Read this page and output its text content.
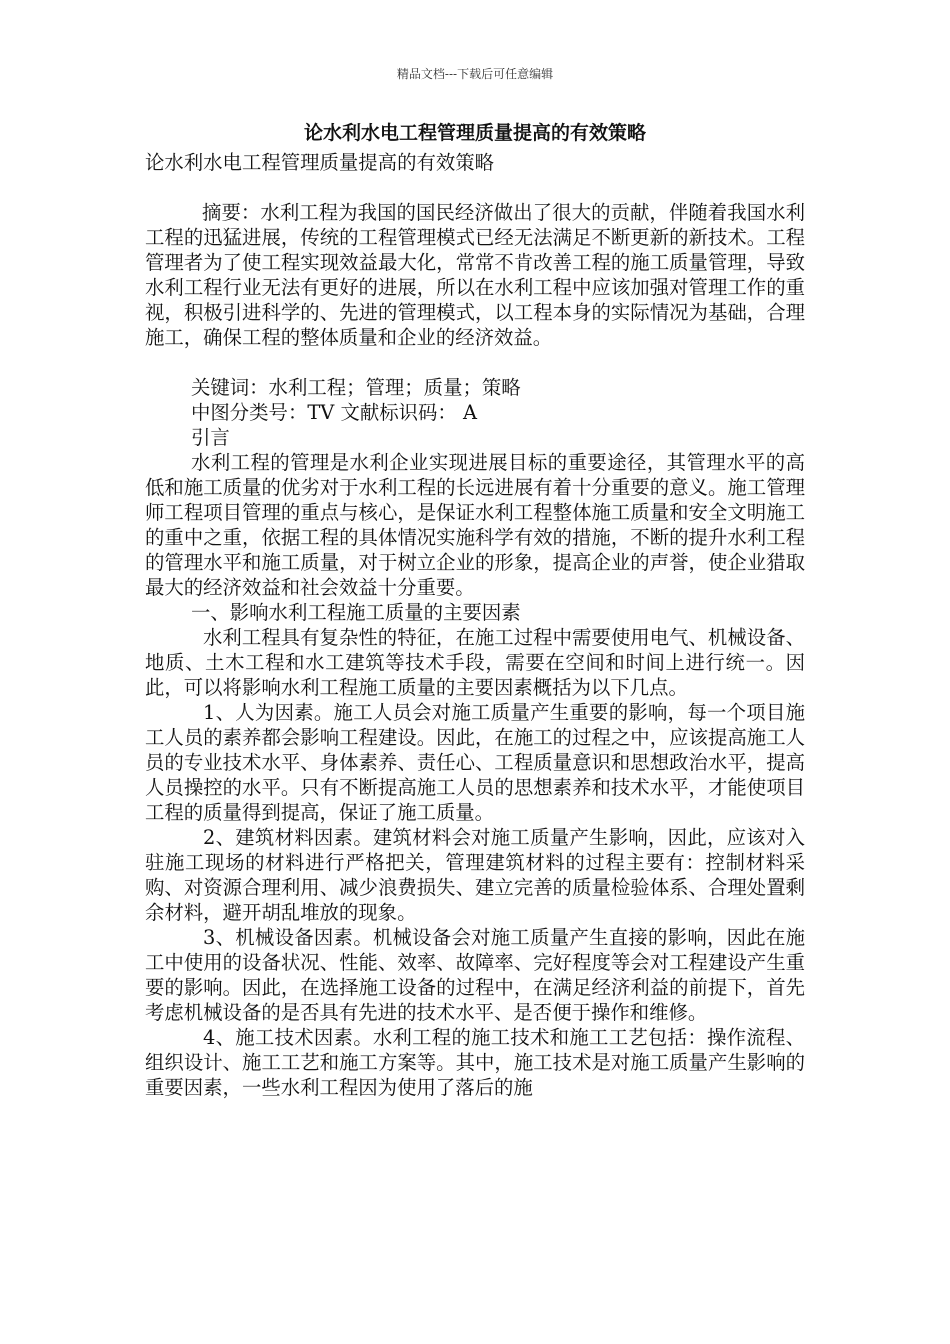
精品文档---下载后可任意编辑
论水利水电工程管理质量提高的有效策略

论水利水电工程管理质量提高的有效策略

摘要：水利工程为我国的国民经济做出了很大的贡献，伴随着我国水利工程的迅猛进展，传统的工程管理模式已经无法满足不断更新的新技术。工程管理者为了使工程实现效益最大化，常常不肯改善工程的施工质量管理，导致水利工程行业无法有更好的进展，所以在水利工程中应该加强对管理工作的重视，积极引进科学的、先进的管理模式，以工程本身的实际情况为基础，合理施工，确保工程的整体质量和企业的经济效益。

关键词：水利工程；管理；质量；策略

中图分类号：TV 文献标识码： A

引言

水利工程的管理是水利企业实现进展目标的重要途径，其管理水平的高低和施工质量的优劣对于水利工程的长远进展有着十分重要的意义。施工管理师工程项目管理的重点与核心，是保证水利工程整体施工质量和安全文明施工的重中之重，依据工程的具体情况实施科学有效的措施，不断的提升水利工程的管理水平和施工质量，对于树立企业的形象，提高企业的声誉，使企业猎取最大的经济效益和社会效益十分重要。

一、影响水利工程施工质量的主要因素

水利工程具有复杂性的特征，在施工过程中需要使用电气、机械设备、地质、土木工程和水工建筑等技术手段，需要在空间和时间上进行统一。因此，可以将影响水利工程施工质量的主要因素概括为以下几点。

1、人为因素。施工人员会对施工质量产生重要的影响，每一个项目施工人员的素养都会影响工程建设。因此，在施工的过程之中，应该提高施工人员的专业技术水平、身体素养、责任心、工程质量意识和思想政治水平，提高人员操控的水平。只有不断提高施工人员的思想素养和技术水平，才能使项目工程的质量得到提高，保证了施工质量。

2、建筑材料因素。建筑材料会对施工质量产生影响，因此，应该对入驻施工现场的材料进行严格把关，管理建筑材料的过程主要有：控制材料采购、对资源合理利用、减少浪费损失、建立完善的质量检验体系、合理处置剩余材料，避开胡乱堆放的现象。

3、机械设备因素。机械设备会对施工质量产生直接的影响，因此在施工中使用的设备状况、性能、效率、故障率、完好程度等会对工程建设产生重要的影响。因此，在选择施工设备的过程中，在满足经济利益的前提下，首先考虑机械设备的是否具有先进的技术水平、是否便于操作和维修。

4、施工技术因素。水利工程的施工技术和施工工艺包括：操作流程、组织设计、施工工艺和施工方案等。其中，施工技术是对施工质量产生影响的重要因素，一些水利工程因为使用了落后的施
